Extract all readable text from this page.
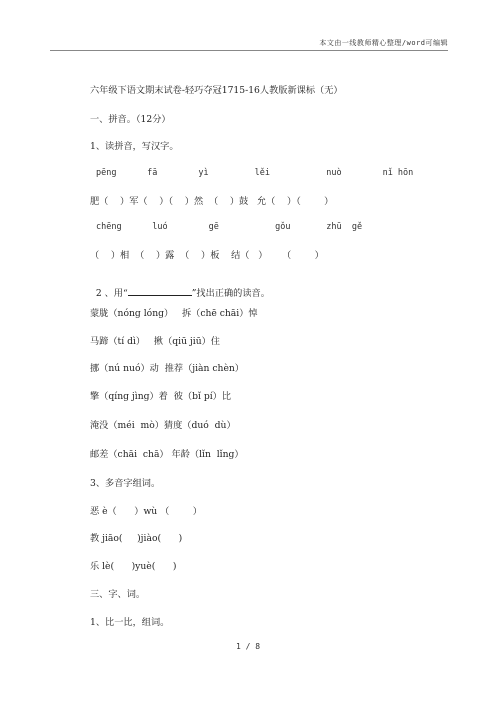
本文由一线教师精心整理/word可编辑
六年级下语文期末试卷-轻巧夺冠1715-16人教版新课标（无）
一、拼音。（12分）
1、读拼音，写汉字。
pēng      fā        yì         lěi           nuò        nǐ hōn
肥（    ）军（    ）（    ）然  （    ）鼓   允（    ）（        ）
chēng      luó        gē           gǒu       zhū  gě
（    ）相  （    ）露  （    ）板    结（   ）     （        ）

2 、用“	”找出正确的读音。

蒙胧（nóng lóng）   拆（chē chāi）悼
马蹄（tí dì）   揪（qiū jiū）住
挪（nú nuó）动  推荐（jiàn chèn）
擎（qíng jìng）着  彼（bǐ pí）比
淹没（méi  mò）猜度（duó  dù）
邮差（chāi  chā） 年龄（lǐn  lǐng）
3、多音字组词。
恶 è（      ）wù （        ）
教 jiāo(     )jiào(      )
乐 lè(      )yuè(      )
三、字、词。
1、比一比，组词。
1 / 8
